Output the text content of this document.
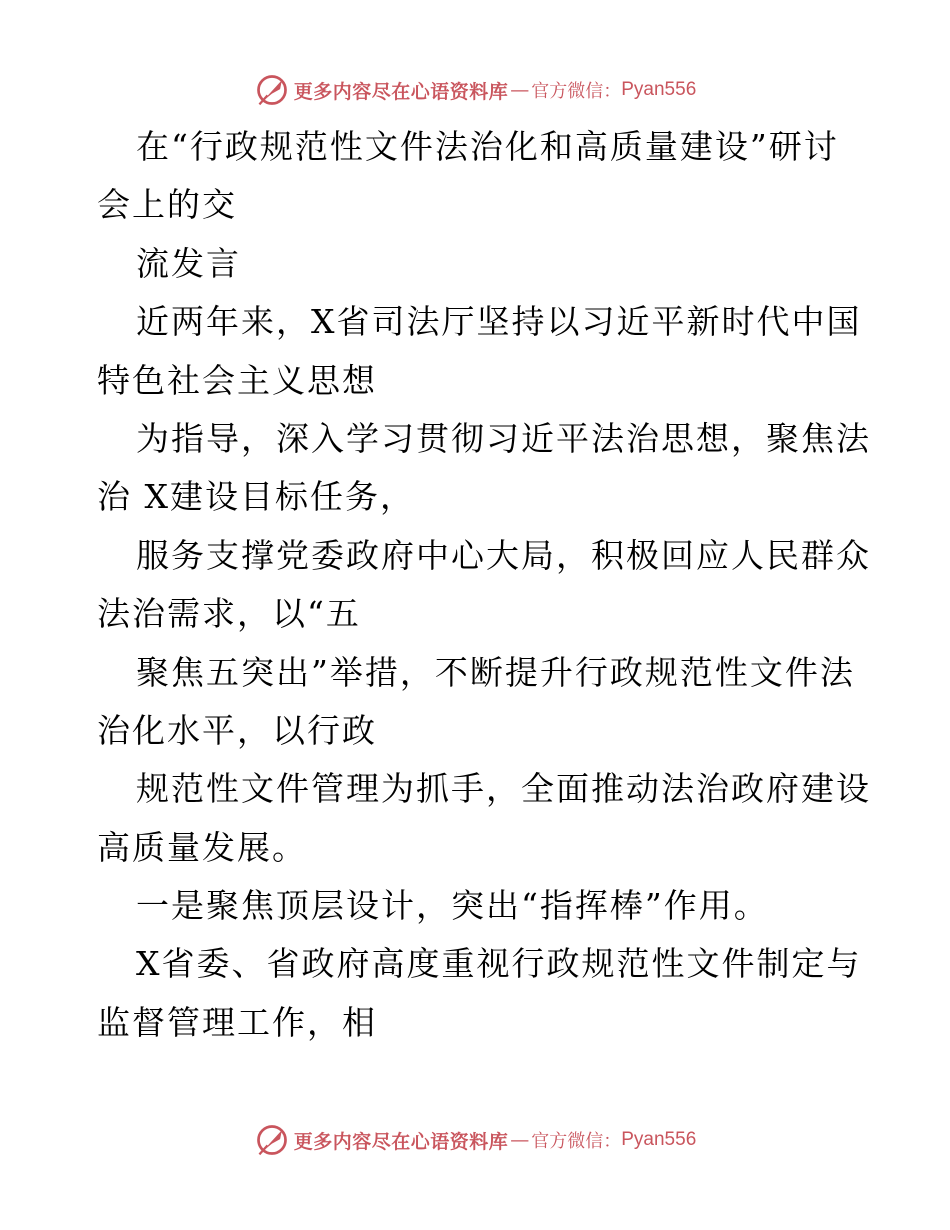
更多内容尽在心语资料库 — 官方微信： Pyan556
在“行政规范性文件法治化和高质量建设”研讨
会上的交
流发言
近两年来，X省司法厅坚持以习近平新时代中国
特色社会主义思想
为指导，深入学习贯彻习近平法治思想，聚焦法
治 X建设目标任务，
服务支撑党委政府中心大局，积极回应人民群众
法治需求，以“五
聚焦五突出”举措，不断提升行政规范性文件法
治化水平，以行政
规范性文件管理为抓手，全面推动法治政府建设
高质量发展。
一是聚焦顶层设计，突出“指挥棒”作用。
X省委、省政府高度重视行政规范性文件制定与
监督管理工作，相
更多内容尽在心语资料库 — 官方微信： Pyan556
